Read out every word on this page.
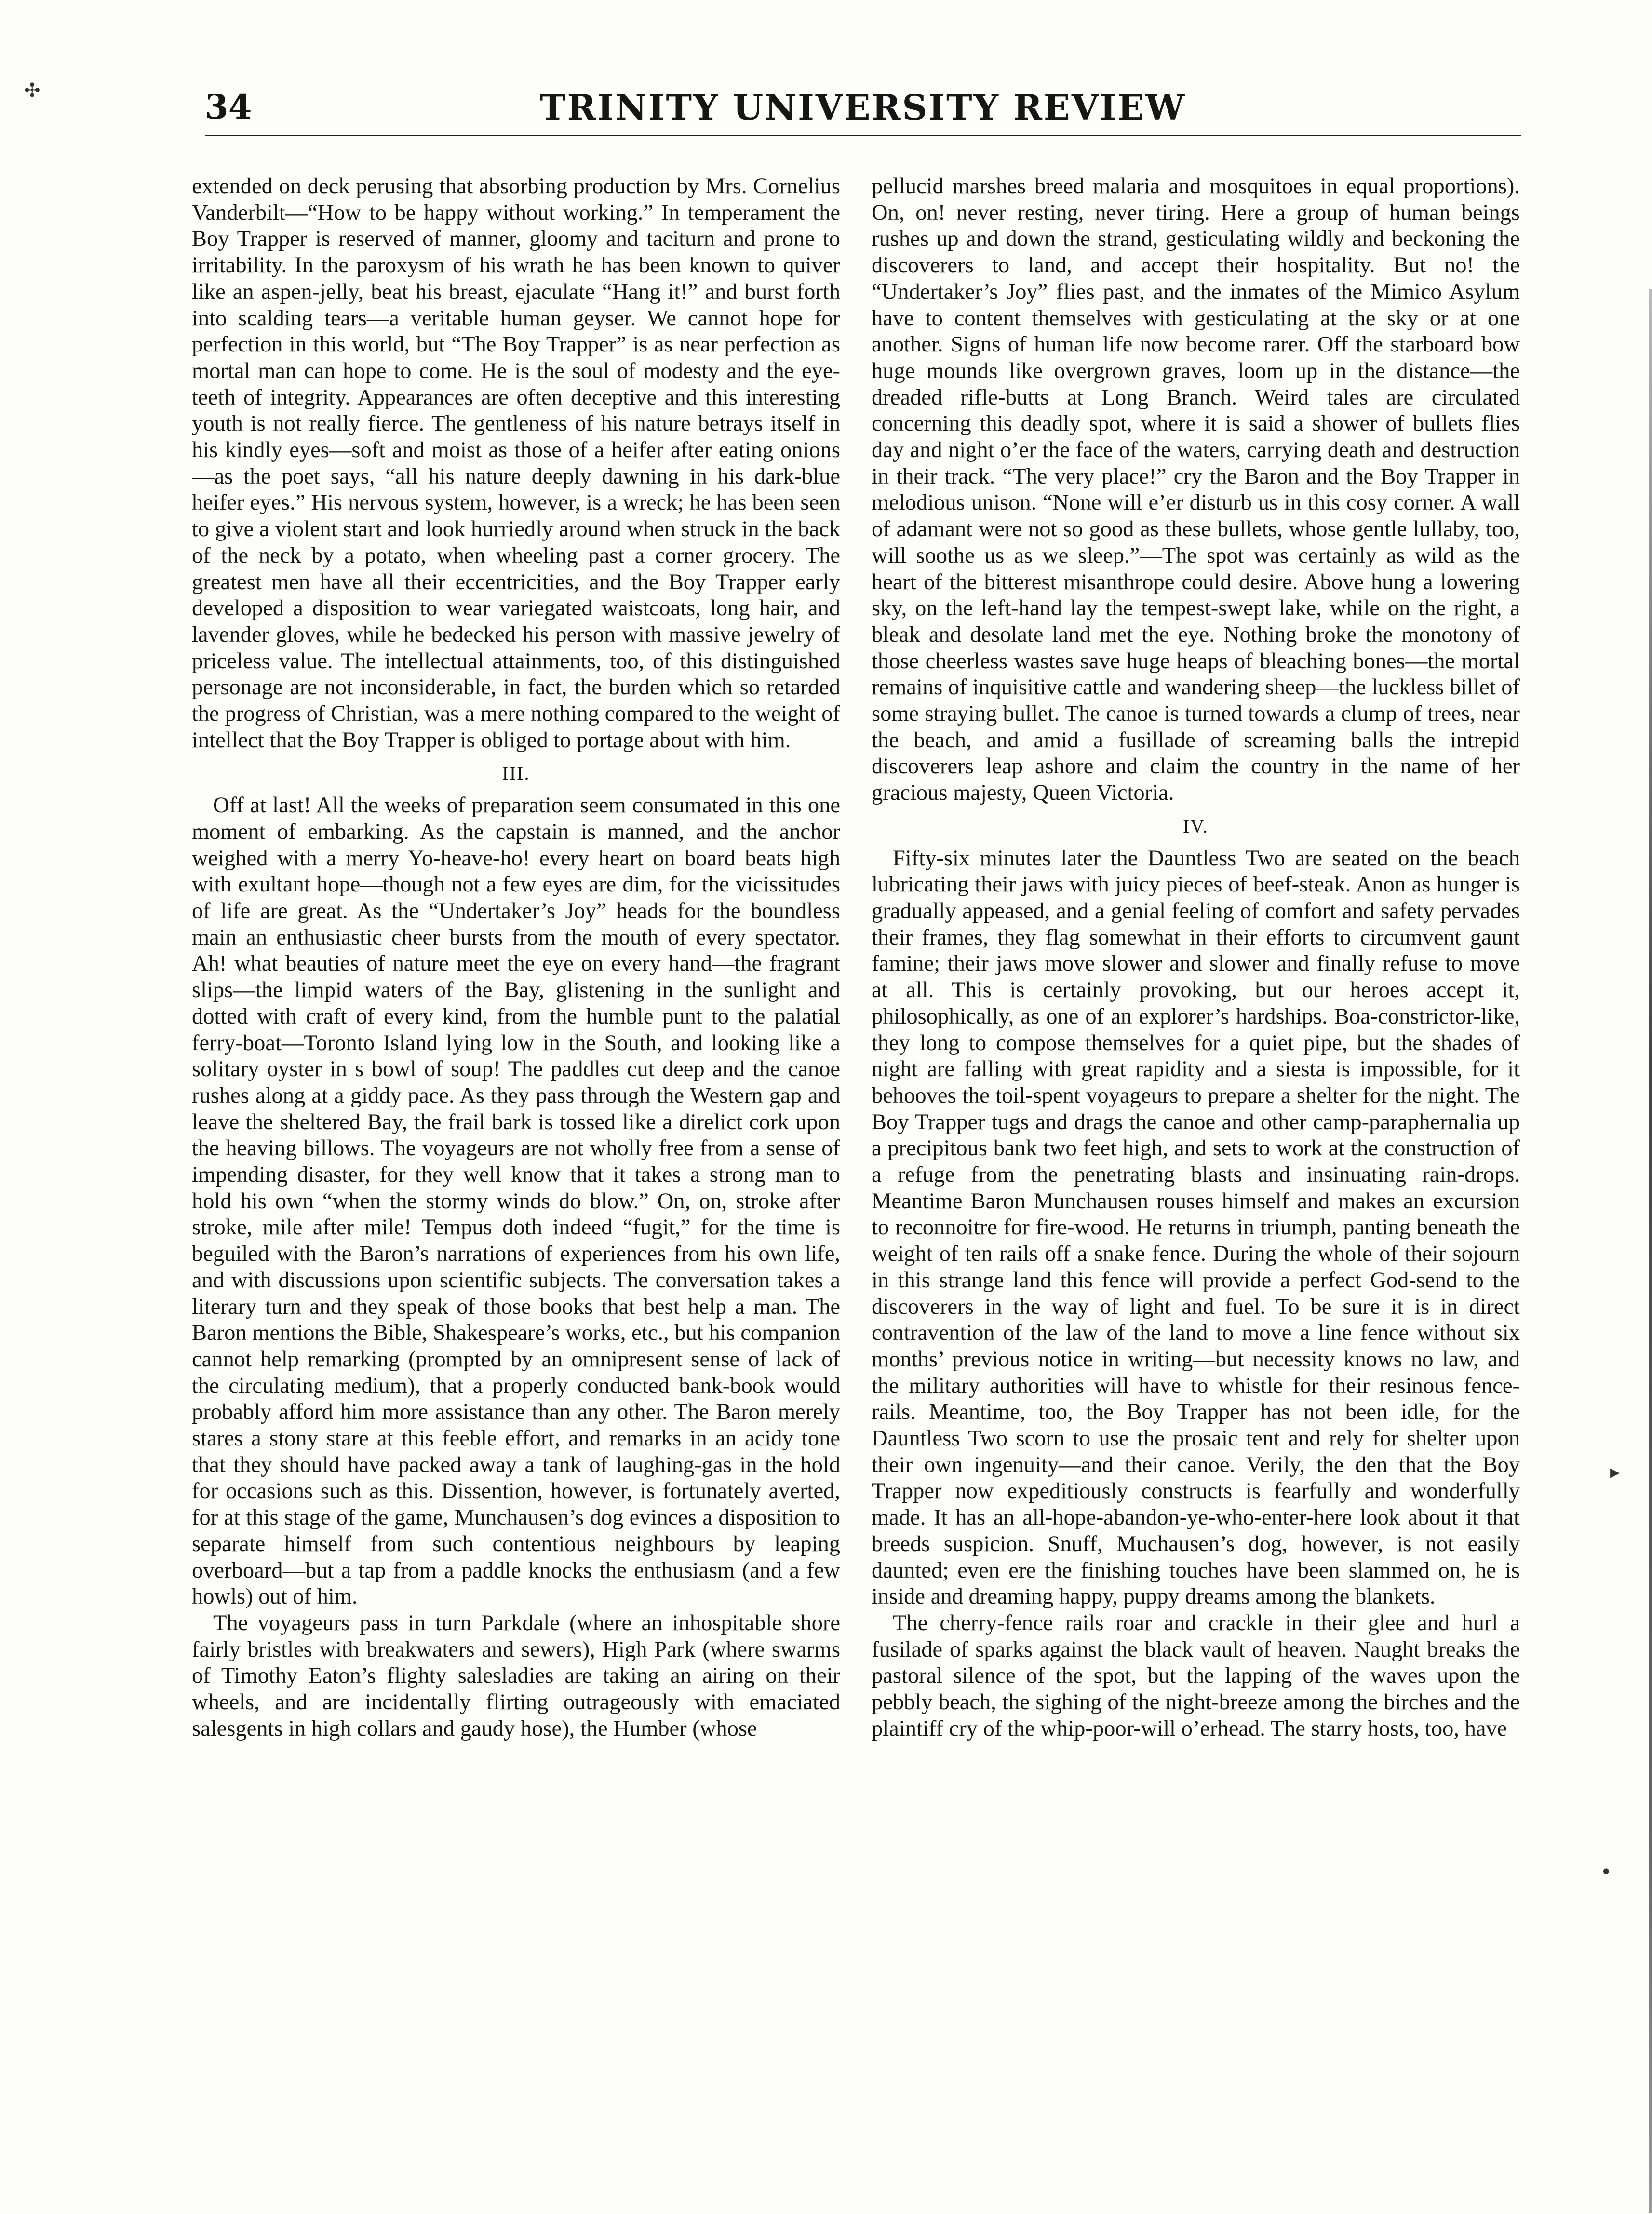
34	TRINITY UNIVERSITY REVIEW
✣
▸
•

extended on deck perusing that absorbing production by Mrs. Cornelius Vanderbilt—“How to be happy without working.” In temperament the Boy Trapper is reserved of manner, gloomy and taciturn and prone to irritability. In the paroxysm of his wrath he has been known to quiver like an aspen-jelly, beat his breast, ejaculate “Hang it!” and burst forth into scalding tears—a veritable human geyser. We cannot hope for perfection in this world, but “The Boy Trapper” is as near perfection as mortal man can hope to come. He is the soul of modesty and the eye-teeth of integrity. Appearances are often deceptive and this interesting youth is not really fierce. The gentleness of his nature betrays itself in his kindly eyes—soft and moist as those of a heifer after eating onions—as the poet says, “all his nature deeply dawning in his dark-blue heifer eyes.” His nervous system, however, is a wreck; he has been seen to give a violent start and look hurriedly around when struck in the back of the neck by a potato, when wheeling past a corner grocery. The greatest men have all their eccentricities, and the Boy Trapper early developed a disposition to wear variegated waistcoats, long hair, and lavender gloves, while he bedecked his person with massive jewelry of priceless value. The intellectual attainments, too, of this distinguished personage are not inconsiderable, in fact, the burden which so retarded the progress of Christian, was a mere nothing compared to the weight of intellect that the Boy Trapper is obliged to portage about with him.

III.

Off at last! All the weeks of preparation seem consumated in this one moment of embarking. As the capstain is manned, and the anchor weighed with a merry Yo-heave-ho! every heart on board beats high with exultant hope—though not a few eyes are dim, for the vicissitudes of life are great. As the “Undertaker’s Joy” heads for the boundless main an enthusiastic cheer bursts from the mouth of every spectator. Ah! what beauties of nature meet the eye on every hand—the fragrant slips—the limpid waters of the Bay, glistening in the sunlight and dotted with craft of every kind, from the humble punt to the palatial ferry-boat—Toronto Island lying low in the South, and looking like a solitary oyster in s bowl of soup! The paddles cut deep and the canoe rushes along at a giddy pace. As they pass through the Western gap and leave the sheltered Bay, the frail bark is tossed like a direlict cork upon the heaving billows. The voyageurs are not wholly free from a sense of impending disaster, for they well know that it takes a strong man to hold his own “when the stormy winds do blow.” On, on, stroke after stroke, mile after mile! Tempus doth indeed “fugit,” for the time is beguiled with the Baron’s narrations of experiences from his own life, and with discussions upon scientific subjects. The conversation takes a literary turn and they speak of those books that best help a man. The Baron mentions the Bible, Shakespeare’s works, etc., but his companion cannot help remarking (prompted by an omnipresent sense of lack of the circulating medium), that a properly conducted bank-book would probably afford him more assistance than any other. The Baron merely stares a stony stare at this feeble effort, and remarks in an acidy tone that they should have packed away a tank of laughing-gas in the hold for occasions such as this. Dissention, however, is fortunately averted, for at this stage of the game, Munchausen’s dog evinces a disposition to separate himself from such contentious neighbours by leaping overboard—but a tap from a paddle knocks the enthusiasm (and a few howls) out of him.

The voyageurs pass in turn Parkdale (where an inhospitable shore fairly bristles with breakwaters and sewers), High Park (where swarms of Timothy Eaton’s flighty salesladies are taking an airing on their wheels, and are incidentally flirting outrageously with emaciated salesgents in high collars and gaudy hose), the Humber (whose

pellucid marshes breed malaria and mosquitoes in equal proportions). On, on! never resting, never tiring. Here a group of human beings rushes up and down the strand, gesticulating wildly and beckoning the discoverers to land, and accept their hospitality. But no! the “Undertaker’s Joy” flies past, and the inmates of the Mimico Asylum have to content themselves with gesticulating at the sky or at one another. Signs of human life now become rarer. Off the starboard bow huge mounds like overgrown graves, loom up in the distance—the dreaded rifle-butts at Long Branch. Weird tales are circulated concerning this deadly spot, where it is said a shower of bullets flies day and night o’er the face of the waters, carrying death and destruction in their track. “The very place!” cry the Baron and the Boy Trapper in melodious unison. “None will e’er disturb us in this cosy corner. A wall of adamant were not so good as these bullets, whose gentle lullaby, too, will soothe us as we sleep.”—The spot was certainly as wild as the heart of the bitterest misanthrope could desire. Above hung a lowering sky, on the left-hand lay the tempest-swept lake, while on the right, a bleak and desolate land met the eye. Nothing broke the monotony of those cheerless wastes save huge heaps of bleaching bones—the mortal remains of inquisitive cattle and wandering sheep—the luckless billet of some straying bullet. The canoe is turned towards a clump of trees, near the beach, and amid a fusillade of screaming balls the intrepid discoverers leap ashore and claim the country in the name of her gracious majesty, Queen Victoria.

IV.

Fifty-six minutes later the Dauntless Two are seated on the beach lubricating their jaws with juicy pieces of beef-steak. Anon as hunger is gradually appeased, and a genial feeling of comfort and safety pervades their frames, they flag somewhat in their efforts to circumvent gaunt famine; their jaws move slower and slower and finally refuse to move at all. This is certainly provoking, but our heroes accept it, philosophically, as one of an explorer’s hardships. Boa-constrictor-like, they long to compose themselves for a quiet pipe, but the shades of night are falling with great rapidity and a siesta is impossible, for it behooves the toil-spent voyageurs to prepare a shelter for the night. The Boy Trapper tugs and drags the canoe and other camp-paraphernalia up a precipitous bank two feet high, and sets to work at the construction of a refuge from the penetrating blasts and insinuating rain-drops. Meantime Baron Munchausen rouses himself and makes an excursion to reconnoitre for fire-wood. He returns in triumph, panting beneath the weight of ten rails off a snake fence. During the whole of their sojourn in this strange land this fence will provide a perfect God-send to the discoverers in the way of light and fuel. To be sure it is in direct contravention of the law of the land to move a line fence without six months’ previous notice in writing—but necessity knows no law, and the military authorities will have to whistle for their resinous fence-rails. Meantime, too, the Boy Trapper has not been idle, for the Dauntless Two scorn to use the prosaic tent and rely for shelter upon their own ingenuity—and their canoe. Verily, the den that the Boy Trapper now expeditiously constructs is fearfully and wonderfully made. It has an all-hope-abandon-ye-who-enter-here look about it that breeds suspicion. Snuff, Muchausen’s dog, however, is not easily daunted; even ere the finishing touches have been slammed on, he is inside and dreaming happy, puppy dreams among the blankets.

The cherry-fence rails roar and crackle in their glee and hurl a fusilade of sparks against the black vault of heaven. Naught breaks the pastoral silence of the spot, but the lapping of the waves upon the pebbly beach, the sighing of the night-breeze among the birches and the plaintiff cry of the whip-poor-will o’erhead. The starry hosts, too, have
